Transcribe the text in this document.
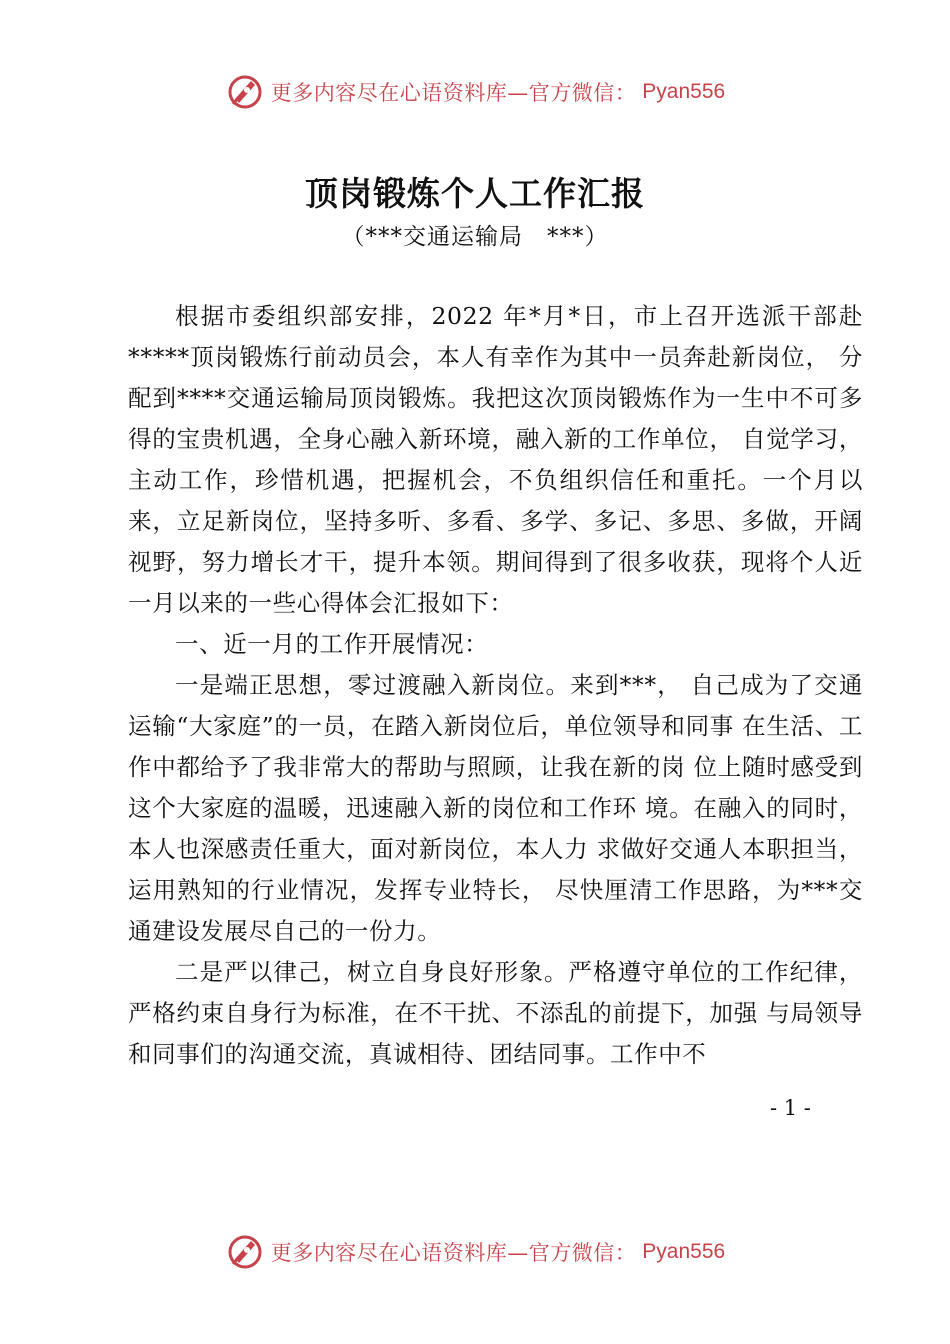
更多内容尽在心语资料库—官方微信： Pyan556
顶岗锻炼个人工作汇报
（***交通运输局　***）

根据市委组织部安排，2022 年*月*日，市上召开选派干部赴*****顶岗锻炼行前动员会，本人有幸作为其中一员奔赴新岗位， 分配到****交通运输局顶岗锻炼。我把这次顶岗锻炼作为一生中不可多得的宝贵机遇，全身心融入新环境，融入新的工作单位， 自觉学习，主动工作，珍惜机遇，把握机会，不负组织信任和重托。一个月以来，立足新岗位，坚持多听、多看、多学、多记、多思、多做，开阔视野，努力增长才干，提升本领。期间得到了很多收获，现将个人近一月以来的一些心得体会汇报如下：

一、近一月的工作开展情况：

一是端正思想，零过渡融入新岗位。来到***， 自己成为了交通运输“大家庭”的一员，在踏入新岗位后，单位领导和同事 在生活、工作中都给予了我非常大的帮助与照顾，让我在新的岗 位上随时感受到这个大家庭的温暖，迅速融入新的岗位和工作环 境。在融入的同时，本人也深感责任重大，面对新岗位，本人力 求做好交通人本职担当，运用熟知的行业情况，发挥专业特长， 尽快厘清工作思路，为***交通建设发展尽自己的一份力。

二是严以律己，树立自身良好形象。严格遵守单位的工作纪律，严格约束自身行为标准，在不干扰、不添乱的前提下，加强 与局领导和同事们的沟通交流，真诚相待、团结同事。工作中不

- 1 -
更多内容尽在心语资料库—官方微信： Pyan556
